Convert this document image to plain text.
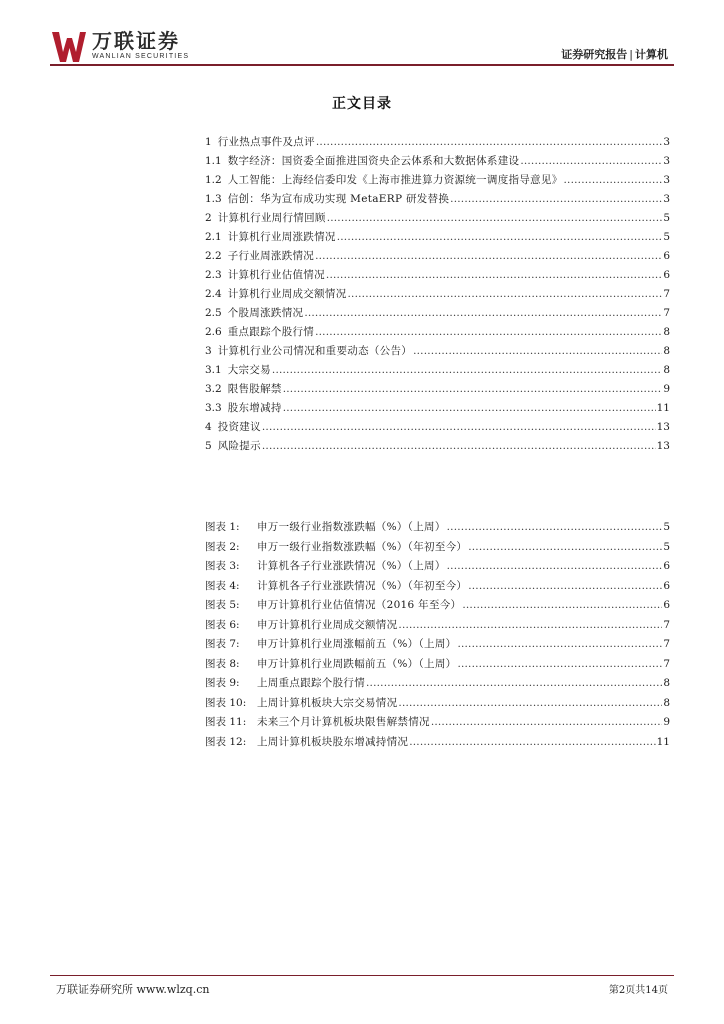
万联证券
WANLIAN SECURITIES	证券研究报告 | 计算机
正文目录
1 行业热点事件及点评 .....	3
1.1 数字经济：国资委全面推进国资央企云体系和大数据体系建设 .....	3
1.2 人工智能：上海经信委印发《上海市推进算力资源统一调度指导意见》 .....	3
1.3 信创：华为宣布成功实现 MetaERP 研发替换 .....	3
2 计算机行业周行情回顾 .....	5
2.1 计算机行业周涨跌情况 .....	5
2.2 子行业周涨跌情况 .....	6
2.3 计算机行业估值情况 .....	6
2.4 计算机行业周成交额情况 .....	7
2.5 个股周涨跌情况 .....	7
2.6 重点跟踪个股行情 .....	8
3 计算机行业公司情况和重要动态（公告） .....	8
3.1 大宗交易 .....	8
3.2 限售股解禁 .....	9
3.3 股东增减持 .....	11
4 投资建议 .....	13
5 风险提示 .....	13
图表 1:	申万一级行业指数涨跌幅（%）（上周） .....	5
图表 2:	申万一级行业指数涨跌幅（%）（年初至今） .....	5
图表 3:	计算机各子行业涨跌情况（%）（上周） .....	6
图表 4:	计算机各子行业涨跌情况（%）（年初至今） .....	6
图表 5:	申万计算机行业估值情况（2016 年至今） .....	6
图表 6:	申万计算机行业周成交额情况 .....	7
图表 7:	申万计算机行业周涨幅前五（%）（上周） .....	7
图表 8:	申万计算机行业周跌幅前五（%）（上周） .....	7
图表 9:	上周重点跟踪个股行情 .....	8
图表 10:	上周计算机板块大宗交易情况 .....	8
图表 11:	未来三个月计算机板块限售解禁情况 .....	9
图表 12:	上周计算机板块股东增减持情况 .....	11
万联证券研究所 www.wlzq.cn	第2页共14页
